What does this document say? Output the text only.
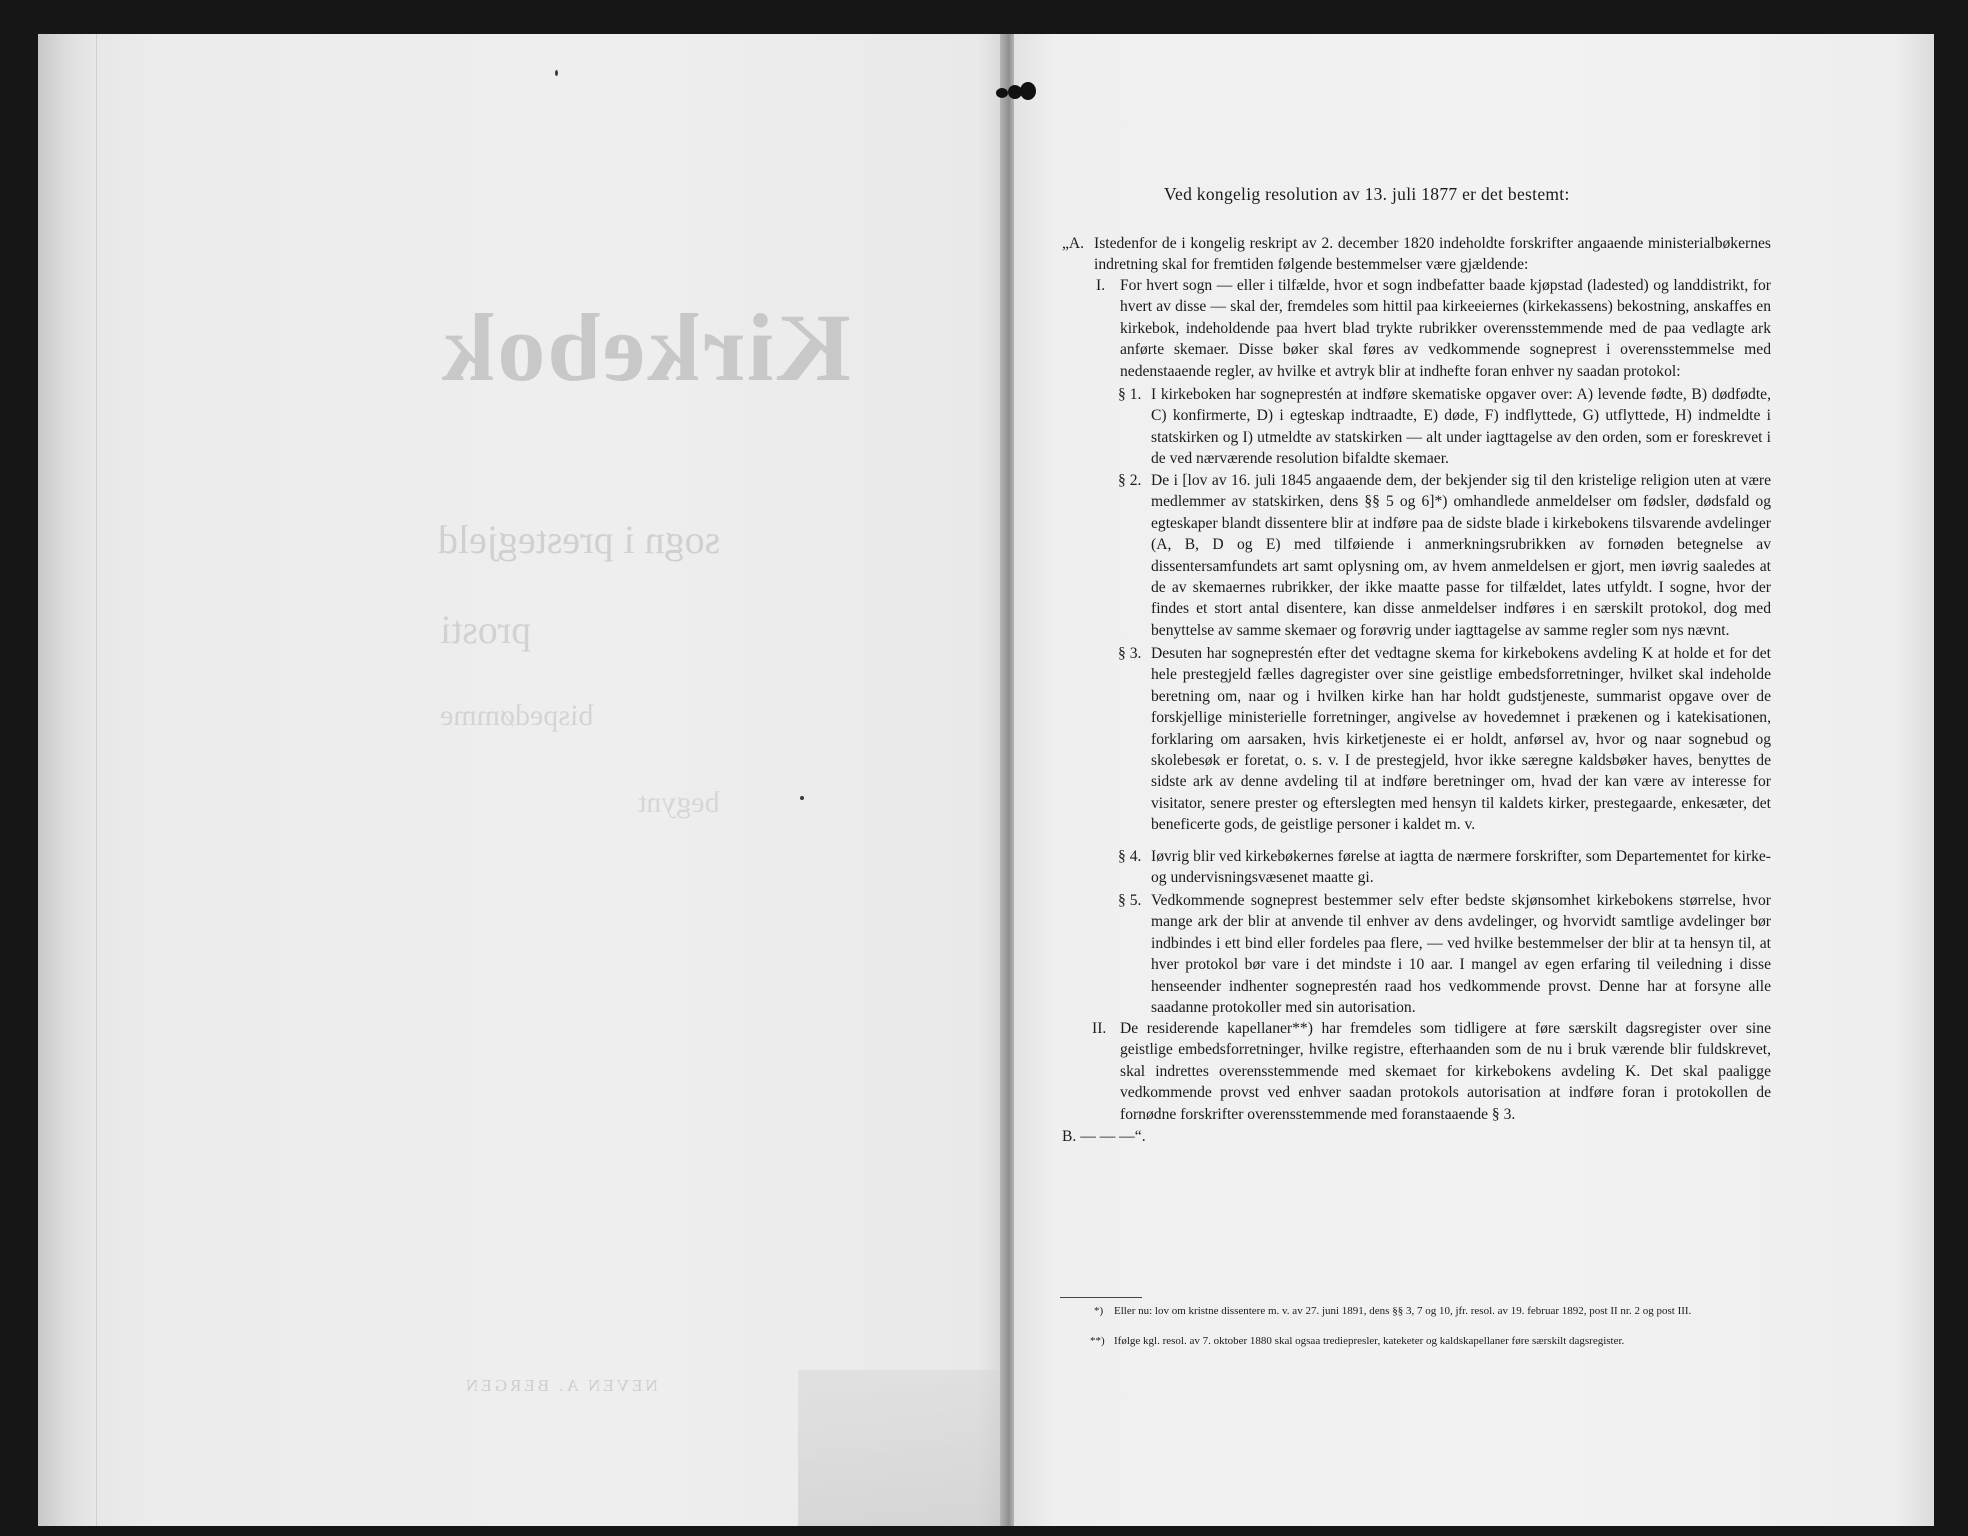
Kirkebok
sogn i prestegjeld
prosti
bispedømme
begynt
NEVEN A. BERGEN
Ved kongelig resolution av 13. juli 1877 er det bestemt:
„A. Istedenfor de i kongelig reskript av 2. december 1820 indeholdte forskrifter angaaende ministerialbøkernes indretning skal for fremtiden følgende bestemmelser være gjældende:

I. For hvert sogn — eller i tilfælde, hvor et sogn indbefatter baade kjøpstad (ladested) og landdistrikt, for hvert av disse — skal der, fremdeles som hittil paa kirkeeiernes (kirkekassens) bekostning, anskaffes en kirkebok, indeholdende paa hvert blad trykte rubrikker overensstemmende med de paa vedlagte ark anførte skemaer. Disse bøker skal føres av vedkommende sogneprest i overensstemmelse med nedenstaaende regler, av hvilke et avtryk blir at indhefte foran enhver ny saadan protokol:

§ 1. I kirkeboken har sogneprestén at indføre skematiske opgaver over: A) levende fødte, B) dødfødte, C) konfirmerte, D) i egteskap indtraadte, E) døde, F) indflyttede, G) utflyttede, H) indmeldte i statskirken og I) utmeldte av statskirken — alt under iagttagelse av den orden, som er foreskrevet i de ved nærværende resolution bifaldte skemaer.

§ 2. De i [lov av 16. juli 1845 angaaende dem, der bekjender sig til den kristelige religion uten at være medlemmer av statskirken, dens §§ 5 og 6]*) omhandlede anmeldelser om fødsler, dødsfald og egteskaper blandt dissentere blir at indføre paa de sidste blade i kirkebokens tilsvarende avdelinger (A, B, D og E) med tilføiende i anmerkningsrubrikken av fornøden betegnelse av dissentersamfundets art samt oplysning om, av hvem anmeldelsen er gjort, men iøvrig saaledes at de av skemaernes rubrikker, der ikke maatte passe for tilfældet, lates utfyldt. I sogne, hvor der findes et stort antal disentere, kan disse anmeldelser indføres i en særskilt protokol, dog med benyttelse av samme skemaer og forøvrig under iagttagelse av samme regler som nys nævnt.

§ 3. Desuten har sogneprestén efter det vedtagne skema for kirkebokens avdeling K at holde et for det hele prestegjeld fælles dagregister over sine geistlige embedsforretninger, hvilket skal indeholde beretning om, naar og i hvilken kirke han har holdt gudstjeneste, summarist opgave over de forskjellige ministerielle forretninger, angivelse av hovedemnet i prækenen og i katekisationen, forklaring om aarsaken, hvis kirketjeneste ei er holdt, anførsel av, hvor og naar sognebud og skolebesøk er foretat, o. s. v. I de prestegjeld, hvor ikke særegne kaldsbøker haves, benyttes de sidste ark av denne avdeling til at indføre beretninger om, hvad der kan være av interesse for visitator, senere prester og efterslegten med hensyn til kaldets kirker, prestegaarde, enkesæter, det beneficerte gods, de geistlige personer i kaldet m. v.

§ 4. Iøvrig blir ved kirkebøkernes førelse at iagtta de nærmere forskrifter, som Departementet for kirke- og undervisningsvæsenet maatte gi.

§ 5. Vedkommende sogneprest bestemmer selv efter bedste skjønsomhet kirkebokens størrelse, hvor mange ark der blir at anvende til enhver av dens avdelinger, og hvorvidt samtlige avdelinger bør indbindes i ett bind eller fordeles paa flere, — ved hvilke bestemmelser der blir at ta hensyn til, at hver protokol bør vare i det mindste i 10 aar. I mangel av egen erfaring til veiledning i disse henseender indhenter sogneprestén raad hos vedkommende provst. Denne har at forsyne alle saadanne protokoller med sin autorisation.

II. De residerende kapellaner**) har fremdeles som tidligere at føre særskilt dagsregister over sine geistlige embedsforretninger, hvilke registre, efterhaanden som de nu i bruk værende blir fuldskrevet, skal indrettes overensstemmende med skemaet for kirkebokens avdeling K. Det skal paaligge vedkommende provst ved enhver saadan protokols autorisation at indføre foran i protokollen de fornødne forskrifter overensstemmende med foranstaaende § 3.

B. — — —“.
*) Eller nu: lov om kristne dissentere m. v. av 27. juni 1891, dens §§ 3, 7 og 10, jfr. resol. av 19. februar 1892, post II nr. 2 og post III.

**) Ifølge kgl. resol. av 7. oktober 1880 skal ogsaa trediepresler, kateketer og kaldskapellaner føre særskilt dagsregister.
